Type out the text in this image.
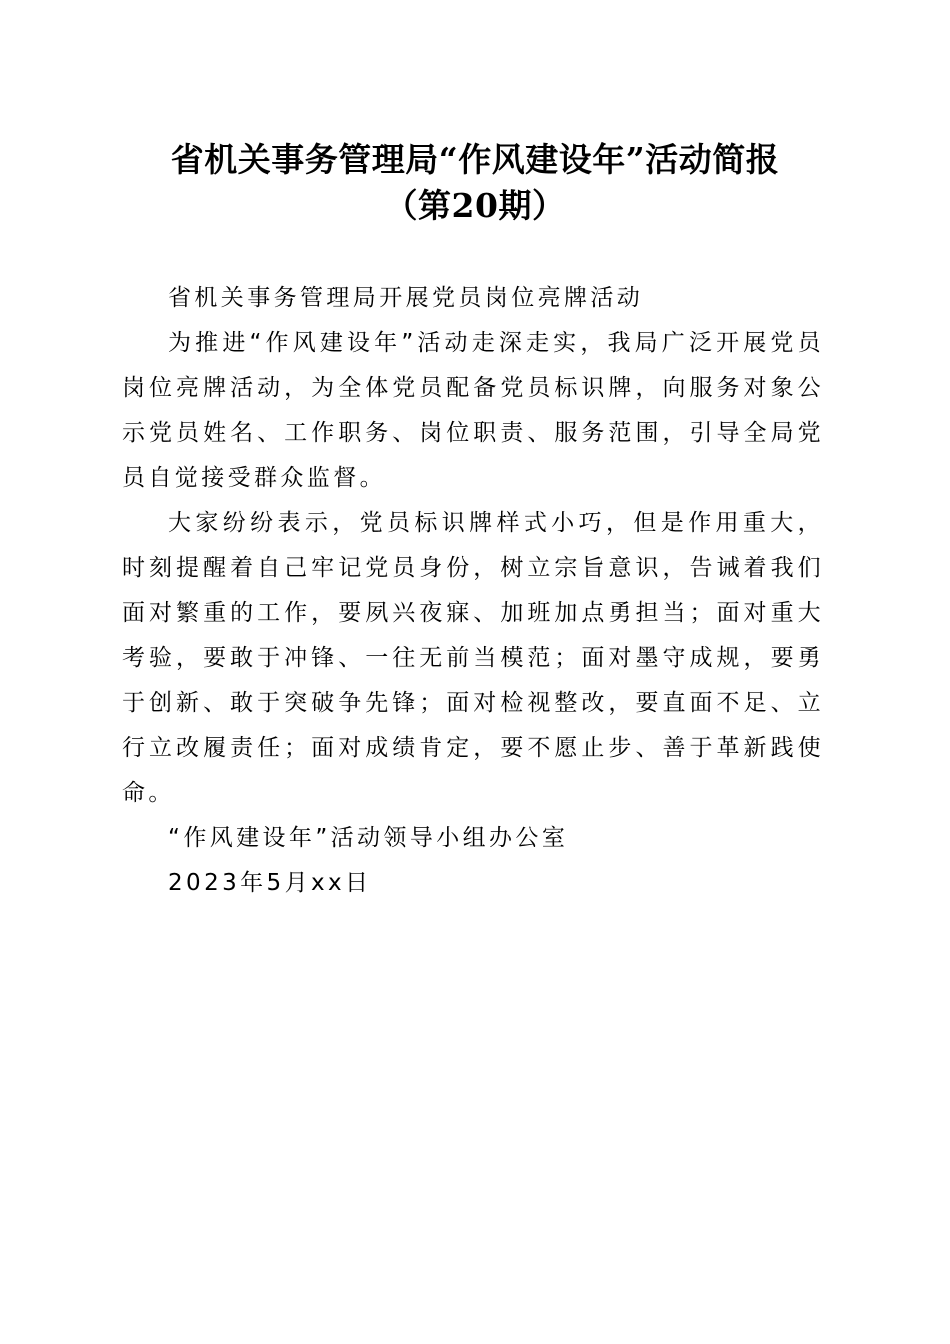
省机关事务管理局“作风建设年”活动简报
（第20期）

省机关事务管理局开展党员岗位亮牌活动

为推进“作风建设年”活动走深走实，我局广泛开展党员岗位亮牌活动，为全体党员配备党员标识牌，向服务对象公示党员姓名、工作职务、岗位职责、服务范围，引导全局党员自觉接受群众监督。

大家纷纷表示，党员标识牌样式小巧，但是作用重大，时刻提醒着自己牢记党员身份，树立宗旨意识，告诫着我们面对繁重的工作，要夙兴夜寐、加班加点勇担当；面对重大考验，要敢于冲锋、一往无前当模范；面对墨守成规，要勇于创新、敢于突破争先锋；面对检视整改，要直面不足、立行立改履责任；面对成绩肯定，要不愿止步、善于革新践使命。

“作风建设年”活动领导小组办公室

2023年5月xx日
